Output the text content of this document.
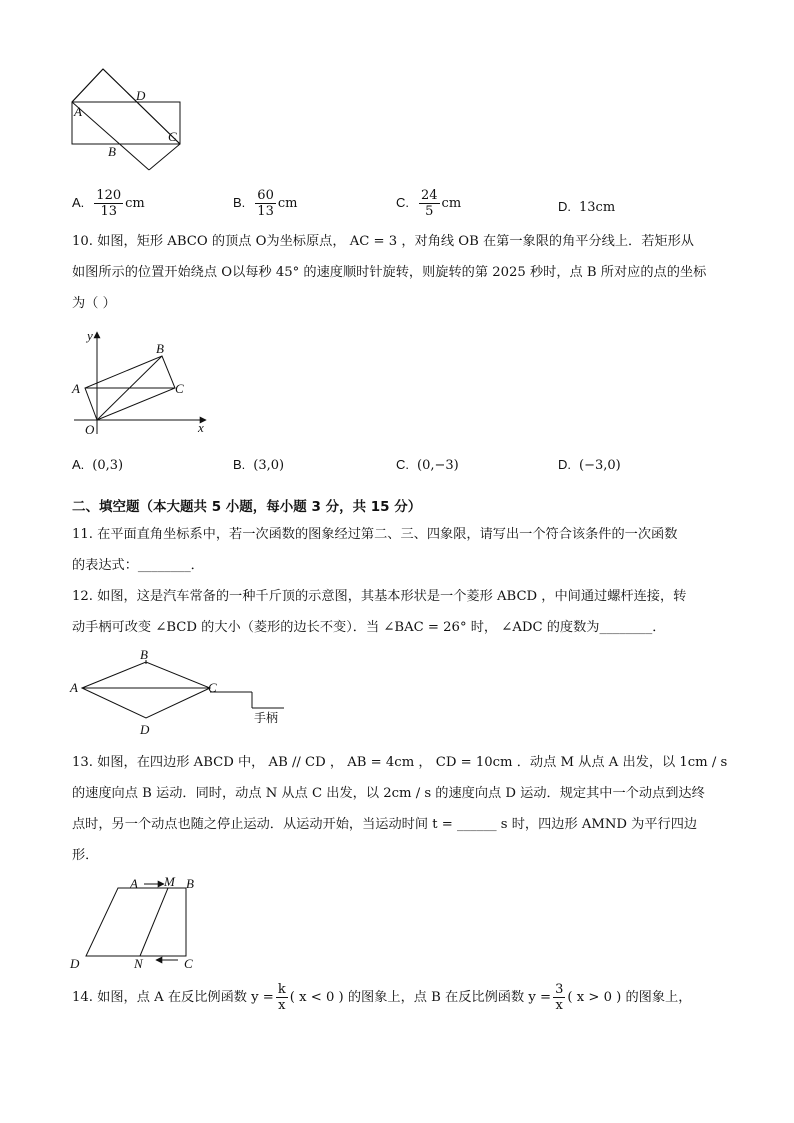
A
D
C
B
A. $\frac{120}{13}$ cm	B. $\frac{60}{13}$ cm	C. $\frac{24}{5}$ cm	D. 13cm
10. 如图，矩形 ABCO 的顶点 O为坐标原点， AC = 3 ，对角线 OB 在第一象限的角平分线上．若矩形从
如图所示的位置开始绕点 O以每秒 45° 的速度顺时针旋转，则旋转的第 2025 秒时，点 B 所对应的点的坐标
为（ ）
y
x
O
A
B
C
A. (0,3)	B. (3,0)	C. (0,−3)	D. (−3,0)
二、填空题（本大题共 5 小题，每小题 3 分，共 15 分）
11. 在平面直角坐标系中，若一次函数的图象经过第二、三、四象限，请写出一个符合该条件的一次函数
的表达式：________．
12. 如图，这是汽车常备的一种千斤顶的示意图，其基本形状是一个菱形 ABCD ，中间通过螺杆连接，转
动手柄可改变 ∠BCD 的大小（菱形的边长不变）．当 ∠BAC = 26° 时， ∠ADC 的度数为________．
B
A	C
D
手柄
13. 如图，在四边形 ABCD 中， AB // CD ， AB = 4cm ， CD = 10cm ．动点 M 从点 A 出发，以 1cm / s
的速度向点 B 运动．同时，动点 N 从点 C 出发，以 2cm / s 的速度向点 D 运动．规定其中一个动点到达终
点时，另一个动点也随之停止运动．从运动开始，当运动时间 t = ______ s 时，四边形 AMND 为平行四边
形．
A M B
D	N	C
14. 如图，点 A 在反比例函数 $y = \frac{k}{x}$ ( x < 0 ) 的图象上，点 B 在反比例函数 $y = \frac{3}{x}$ ( x > 0 ) 的图象上，
